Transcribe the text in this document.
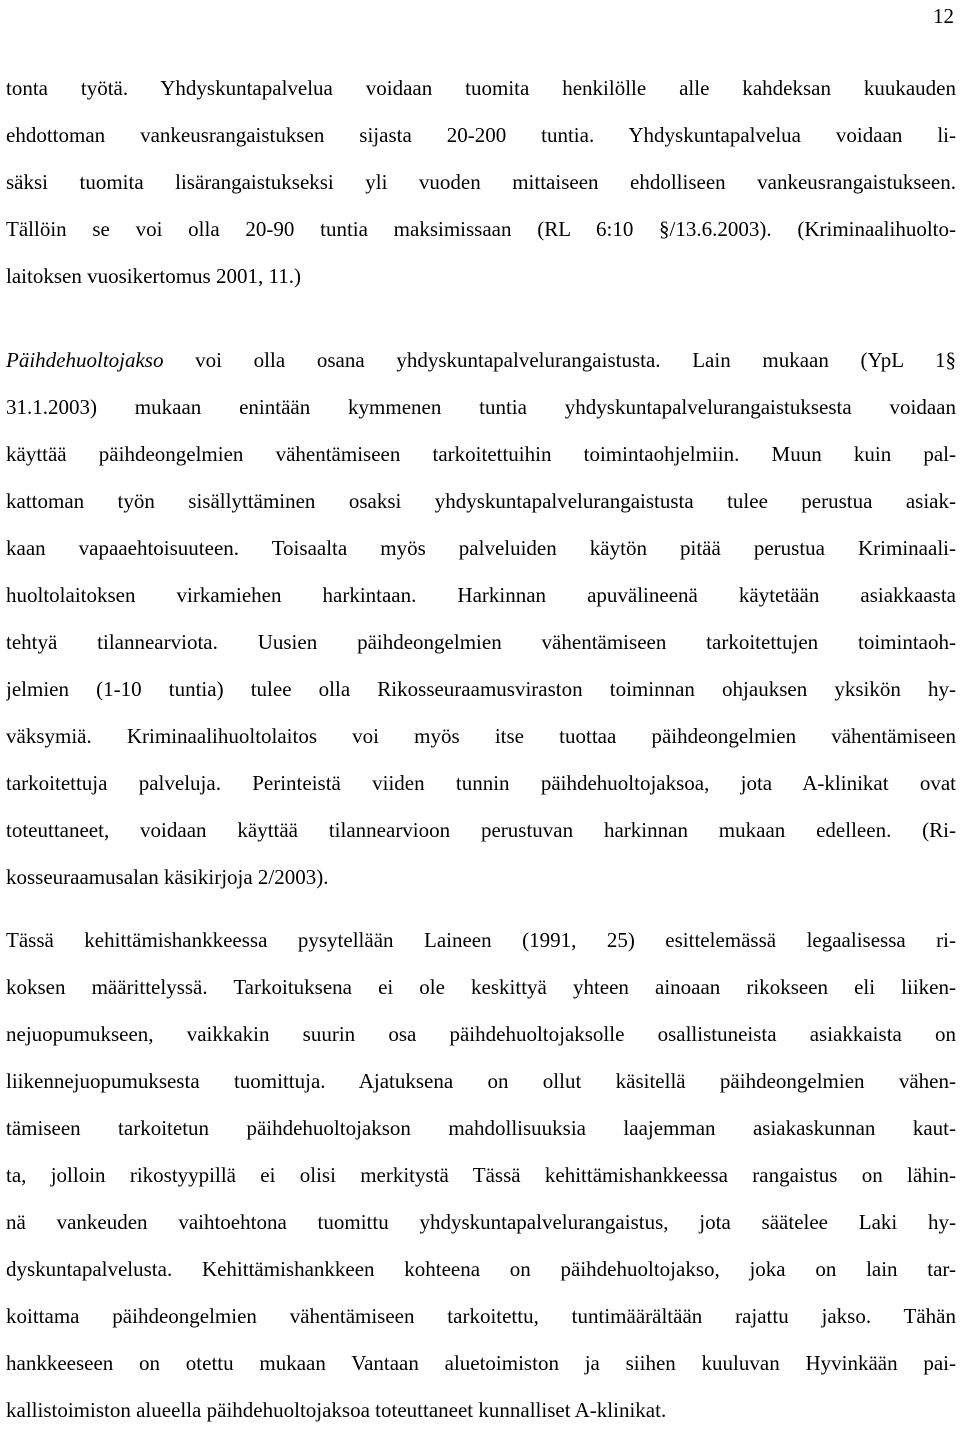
12
tonta työtä. Yhdyskuntapalvelua voidaan tuomita henkilölle alle kahdeksan kuukauden
ehdottoman vankeusrangaistuksen sijasta 20-200 tuntia. Yhdyskuntapalvelua voidaan li-
säksi tuomita lisärangaistukseksi yli vuoden mittaiseen ehdolliseen vankeusrangaistukseen.
Tällöin se voi olla 20-90 tuntia maksimissaan (RL 6:10 §/13.6.2003). (Kriminaalihuolto-
laitoksen vuosikertomus 2001, 11.)
Päihdehuoltojakso voi olla osana yhdyskuntapalvelurangaistusta. Lain mukaan (YpL 1§
31.1.2003) mukaan enintään kymmenen tuntia yhdyskuntapalvelurangaistuksesta voidaan
käyttää päihdeongelmien vähentämiseen tarkoitettuihin toimintaohjelmiin. Muun kuin pal-
kattoman työn sisällyttäminen osaksi yhdyskuntapalvelurangaistusta tulee perustua asiak-
kaan vapaaehtoisuuteen. Toisaalta myös palveluiden käytön pitää perustua Kriminaali-
huoltolaitoksen virkamiehen harkintaan. Harkinnan apuvälineenä käytetään asiakkaasta
tehtyä tilannearviota. Uusien päihdeongelmien vähentämiseen tarkoitettujen toimintaoh-
jelmien (1-10 tuntia) tulee olla Rikosseuraamusviraston toiminnan ohjauksen yksikön hy-
väksymiä. Kriminaalihuoltolaitos voi myös itse tuottaa päihdeongelmien vähentämiseen
tarkoitettuja palveluja. Perinteistä viiden tunnin päihdehuoltojaksoa, jota A-klinikat ovat
toteuttaneet, voidaan käyttää tilannearvioon perustuvan harkinnan mukaan edelleen. (Ri-
kosseuraamusalan käsikirjoja 2/2003).
Tässä kehittämishankkeessa pysytellään Laineen (1991, 25) esittelemässä legaalisessa ri-
koksen määrittelyssä. Tarkoituksena ei ole keskittyä yhteen ainoaan rikokseen eli liiken-
nejuopumukseen, vaikkakin suurin osa päihdehuoltojaksolle osallistuneista asiakkaista on
liikennejuopumuksesta tuomittuja. Ajatuksena on ollut käsitellä päihdeongelmien vähen-
tämiseen tarkoitetun päihdehuoltojakson mahdollisuuksia laajemman asiakaskunnan kaut-
ta, jolloin rikostyypillä ei olisi merkitystä Tässä kehittämishankkeessa rangaistus on lähin-
nä vankeuden vaihtoehtona tuomittu yhdyskuntapalvelurangaistus, jota säätelee Laki hy-
dyskuntapalvelusta. Kehittämishankkeen kohteena on päihdehuoltojakso, joka on lain tar-
koittama päihdeongelmien vähentämiseen tarkoitettu, tuntimäärältään rajattu jakso. Tähän
hankkeeseen on otettu mukaan Vantaan aluetoimiston ja siihen kuuluvan Hyvinkään pai-
kallistoimiston alueella päihdehuoltojaksoa toteuttaneet kunnalliset A-klinikat.
